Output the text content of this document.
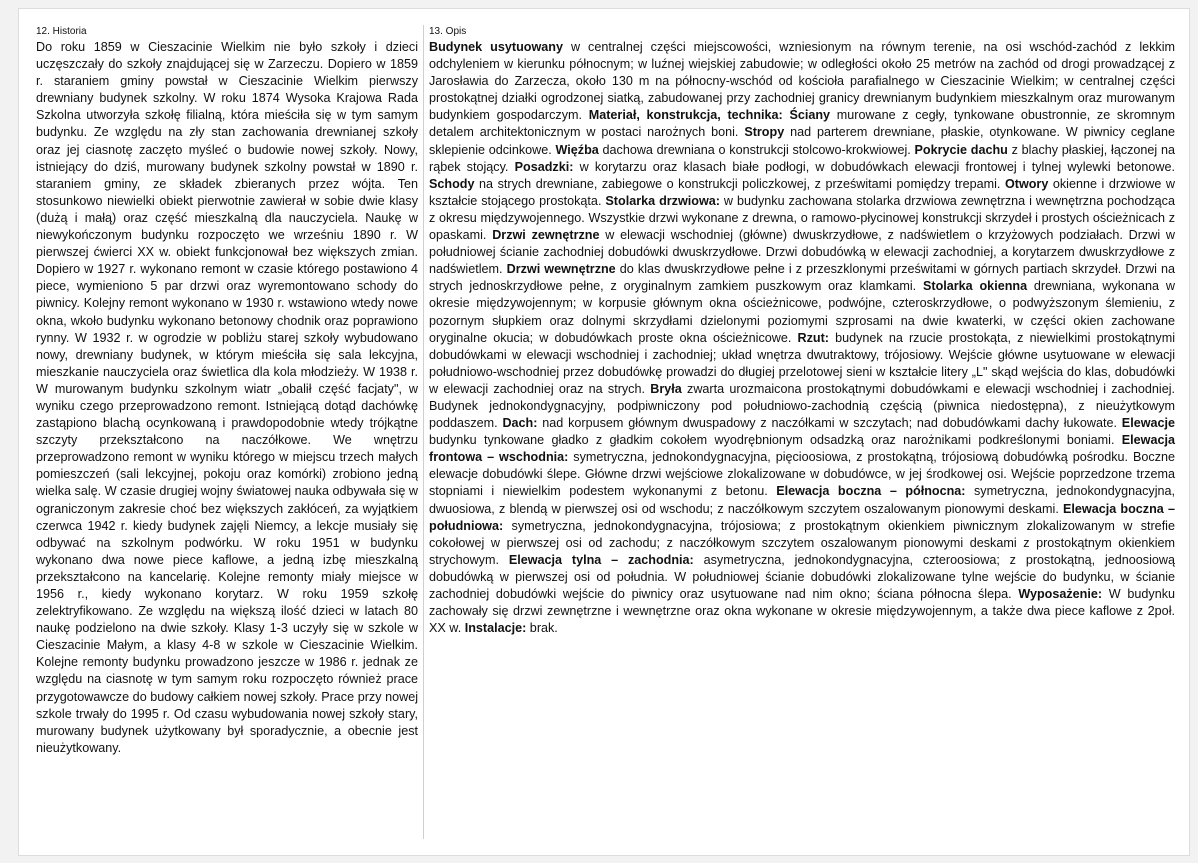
12. Historia

Do roku 1859 w Cieszacinie Wielkim nie było szkoły i dzieci uczęszczały do szkoły znajdującej się w Zarzeczu. Dopiero w 1859 r. staraniem gminy powstał w Cieszacinie Wielkim pierwszy drewniany budynek szkolny. W roku 1874 Wysoka Krajowa Rada Szkolna utworzyła szkołę filialną, która mieściła się w tym samym budynku. Ze względu na zły stan zachowania drewnianej szkoły oraz jej ciasnotę zaczęto myśleć o budowie nowej szkoły. Nowy, istniejący do dziś, murowany budynek szkolny powstał w 1890 r. staraniem gminy, ze składek zbieranych przez wójta. Ten stosunkowo niewielki obiekt pierwotnie zawierał w sobie dwie klasy (dużą i małą) oraz część mieszkalną dla nauczyciela. Naukę w niewykończonym budynku rozpoczęto we wrześniu 1890 r. W pierwszej ćwierci XX w. obiekt funkcjonował bez większych zmian. Dopiero w 1927 r. wykonano remont w czasie którego postawiono 4 piece, wymieniono 5 par drzwi oraz wyremontowano schody do piwnicy. Kolejny remont wykonano w 1930 r. wstawiono wtedy nowe okna, wkoło budynku wykonano betonowy chodnik oraz poprawiono rynny. W 1932 r. w ogrodzie w pobliżu starej szkoły wybudowano nowy, drewniany budynek, w którym mieściła się sala lekcyjna, mieszkanie nauczyciela oraz świetlica dla kola młodzieży. W 1938 r. W murowanym budynku szkolnym wiatr „obalił część facjaty", w wyniku czego przeprowadzono remont. Istniejącą dotąd dachówkę zastąpiono blachą ocynkowaną i prawdopodobnie wtedy trójkątne szczyty przekształcono na naczółkowe. We wnętrzu przeprowadzono remont w wyniku którego w miejscu trzech małych pomieszczeń (sali lekcyjnej, pokoju oraz komórki) zrobiono jedną wielka salę. W czasie drugiej wojny światowej nauka odbywała się w ograniczonym zakresie choć bez większych zakłóceń, za wyjątkiem czerwca 1942 r. kiedy budynek zajęli Niemcy, a lekcje musiały się odbywać na szkolnym podwórku. W roku 1951 w budynku wykonano dwa nowe piece kaflowe, a jedną izbę mieszkalną przekształcono na kancelarię. Kolejne remonty miały miejsce w 1956 r., kiedy wykonano korytarz. W roku 1959 szkołę zelektryfikowano. Ze względu na większą ilość dzieci w latach 80 naukę podzielono na dwie szkoły. Klasy 1-3 uczyły się w szkole w Cieszacinie Małym, a klasy 4-8 w szkole w Cieszacinie Wielkim. Kolejne remonty budynku prowadzono jeszcze w 1986 r. jednak ze względu na ciasnotę w tym samym roku rozpoczęto również prace przygotowawcze do budowy całkiem nowej szkoły. Prace przy nowej szkole trwały do 1995 r. Od czasu wybudowania nowej szkoły stary, murowany budynek użytkowany był sporadycznie, a obecnie jest nieużytkowany.

13. Opis

Budynek usytuowany w centralnej części miejscowości, wzniesionym na równym terenie, na osi wschód-zachód z lekkim odchyleniem w kierunku północnym; w luźnej wiejskiej zabudowie; w odległości około 25 metrów na zachód od drogi prowadzącej z Jarosławia do Zarzecza, około 130 m na północny-wschód od kościoła parafialnego w Cieszacinie Wielkim; w centralnej części prostokątnej działki ogrodzonej siatką, zabudowanej przy zachodniej granicy drewnianym budynkiem mieszkalnym oraz murowanym budynkiem gospodarczym. Materiał, konstrukcja, technika: Ściany murowane z cegły, tynkowane obustronnie, ze skromnym detalem architektonicznym w postaci narożnych boni. Stropy nad parterem drewniane, płaskie, otynkowane. W piwnicy ceglane sklepienie odcinkowe. Więźba dachowa drewniana o konstrukcji stolcowo-krokwiowej. Pokrycie dachu z blachy płaskiej, łączonej na rąbek stojący. Posadzki: w korytarzu oraz klasach białe podłogi, w dobudówkach elewacji frontowej i tylnej wylewki betonowe. Schody na strych drewniane, zabiegowe o konstrukcji policzkowej, z prześwitami pomiędzy trepami. Otwory okienne i drzwiowe w kształcie stojącego prostokąta. Stolarka drzwiowa: w budynku zachowana stolarka drzwiowa zewnętrzna i wewnętrzna pochodząca z okresu międzywojennego. Wszystkie drzwi wykonane z drewna, o ramowo-płycinowej konstrukcji skrzydeł i prostych ościeżnicach z opaskami. Drzwi zewnętrzne w elewacji wschodniej (główne) dwuskrzydłowe, z nadświetlem o krzyżowych podziałach. Drzwi w południowej ścianie zachodniej dobudówki dwuskrzydłowe. Drzwi dobudówką w elewacji zachodniej, a korytarzem dwuskrzydłowe z nadświetlem. Drzwi wewnętrzne do klas dwuskrzydłowe pełne i z przeszklonymi prześwitami w górnych partiach skrzydeł. Drzwi na strych jednoskrzydłowe pełne, z oryginalnym zamkiem puszkowym oraz klamkami. Stolarka okienna drewniana, wykonana w okresie międzywojennym; w korpusie głównym okna ościeżnicowe, podwójne, czteroskrzydłowe, o podwyższonym ślemieniu, z pozornym słupkiem oraz dolnymi skrzydłami dzielonymi poziomymi szprosami na dwie kwaterki, w części okien zachowane oryginalne okucia; w dobudówkach proste okna ościeżnicowe. Rzut: budynek na rzucie prostokąta, z niewielkimi prostokątnymi dobudówkami w elewacji wschodniej i zachodniej; układ wnętrza dwutraktowy, trójosiowy. Wejście główne usytuowane w elewacji południowo-wschodniej przez dobudówkę prowadzi do długiej przelotowej sieni w kształcie litery „L" skąd wejścia do klas, dobudówki w elewacji zachodniej oraz na strych. Bryła zwarta urozmaicona prostokątnymi dobudówkami e elewacji wschodniej i zachodniej. Budynek jednokondygnacyjny, podpiwniczony pod południowo-zachodnią częścią (piwnica niedostępna), z nieużytkowym poddaszem. Dach: nad korpusem głównym dwuspadowy z naczółkami w szczytach; nad dobudówkami dachy łukowate. Elewacje budynku tynkowane gładko z gładkim cokołem wyodrębnionym odsadzką oraz narożnikami podkreślonymi boniami. Elewacja frontowa – wschodnia: symetryczna, jednokondygnacyjna, pięcioosiowa, z prostokątną, trójosiową dobudówką pośrodku. Boczne elewacje dobudówki ślepe. Główne drzwi wejściowe zlokalizowane w dobudówce, w jej środkowej osi. Wejście poprzedzone trzema stopniami i niewielkim podestem wykonanymi z betonu. Elewacja boczna – północna: symetryczna, jednokondygnacyjna, dwuosiowa, z blendą w pierwszej osi od wschodu; z naczółkowym szczytem oszalowanym pionowymi deskami. Elewacja boczna – południowa: symetryczna, jednokondygnacyjna, trójosiowa; z prostokątnym okienkiem piwnicznym zlokalizowanym w strefie cokołowej w pierwszej osi od zachodu; z naczółkowym szczytem oszalowanym pionowymi deskami z prostokątnym okienkiem strychowym. Elewacja tylna – zachodnia: asymetryczna, jednokondygnacyjna, czteroosiowa; z prostokątną, jednoosiową dobudówką w pierwszej osi od południa. W południowej ścianie dobudówki zlokalizowane tylne wejście do budynku, w ścianie zachodniej dobudówki wejście do piwnicy oraz usytuowane nad nim okno; ściana północna ślepa. Wyposażenie: W budynku zachowały się drzwi zewnętrzne i wewnętrzne oraz okna wykonane w okresie międzywojennym, a także dwa piece kaflowe z 2poł. XX w. Instalacje: brak.
